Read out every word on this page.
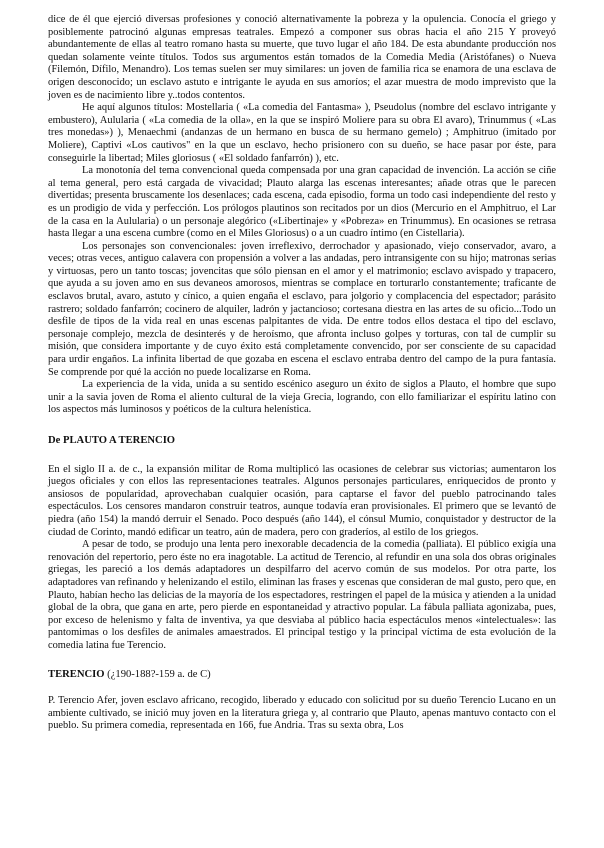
dice de él que ejerció diversas profesiones y conoció alternativamente la pobreza y la opulencia. Conocía el griego y posiblemente patrocinó algunas empresas teatrales. Empezó a componer sus obras hacia el año 215 Y proveyó abundantemente de ellas al teatro romano hasta su muerte, que tuvo lugar el año 184. De esta abundante producción nos quedan solamente veinte títulos. Todos sus argumentos están tomados de la Comedia Media (Aristófanes) o Nueva (Filemón, Dífilo, Menandro). Los temas suelen ser muy similares: un joven de familia rica se enamora de una esclava de origen desconocido; un esclavo astuto e intrigante le ayuda en sus amoríos; el azar muestra de modo imprevisto que la joven es de nacimiento libre y..todos contentos.

He aquí algunos títulos: Mostellaria ( «La comedia del Fantasma» ), Pseudolus (nombre del esclavo intrigante y embustero), Aulularia ( «La comedia de la olla», en la que se inspiró Moliere para su obra El avaro), Trinummus ( «Las tres monedas») ), Menaechmi (andanzas de un hermano en busca de su hermano gemelo) ; Amphitruo (imitado por Moliere), Captivi «Los cautivos" en la que un esclavo, hecho prisionero con su dueño, se hace pasar por éste, para conseguirle la libertad; Miles gloriosus ( «El soldado fanfarrón) ), etc.

La monotonía del tema convencional queda compensada por una gran capacidad de invención. La acción se ciñe al tema general, pero está cargada de vivacidad; Plauto alarga las escenas interesantes; añade otras que le parecen divertidas; presenta bruscamente los desenlaces; cada escena, cada episodio, forma un todo casi independiente del resto y es un prodigio de vida y perfección. Los prólogos plautinos son recitados por un dios (Mercurio en el Amphitruo, el Lar de la casa en la Aulularia) o un personaje alegórico («Libertinaje» y «Pobreza» en Trinummus). En ocasiones se retrasa hasta llegar a una escena cumbre (como en el Miles Gloriosus) o a un cuadro íntimo (en Cistellaria).

Los personajes son convencionales: joven irreflexivo, derrochador y apasionado, viejo conservador, avaro, a veces; otras veces, antiguo calavera con propensión a volver a las andadas, pero intransigente con su hijo; matronas serias y virtuosas, pero un tanto toscas; jovencitas que sólo piensan en el amor y el matrimonio; esclavo avispado y trapacero, que ayuda a su joven amo en sus devaneos amorosos, mientras se complace en torturarlo constantemente; traficante de esclavos brutal, avaro, astuto y cínico, a quien engaña el esclavo, para jolgorio y complacencia del espectador; parásito rastrero; soldado fanfarrón; cocinero de alquiler, ladrón y jactancioso; cortesana diestra en las artes de su oficio...Todo un desfile de tipos de la vida real en unas escenas palpitantes de vida. De entre todos ellos destaca el tipo del esclavo, personaje complejo, mezcla de desinterés y de heroísmo, que afronta incluso golpes y torturas, con tal de cumplir su misión, que considera importante y de cuyo éxito está completamente convencido, por ser consciente de su capacidad para urdir engaños. La infinita libertad de que gozaba en escena el esclavo entraba dentro del campo de la pura fantasía. Se comprende por qué la acción no puede localizarse en Roma.

La experiencia de la vida, unida a su sentido escénico aseguro un éxito de siglos a Plauto, el hombre que supo unir a la savia joven de Roma el aliento cultural de la vieja Grecia, logrando, con ello familiarizar el espíritu latino con los aspectos más luminosos y poéticos de la cultura helenística.

De PLAUTO A TERENCIO

En el siglo II a. de c., la expansión militar de Roma multiplicó las ocasiones de celebrar sus victorias; aumentaron los juegos oficiales y con ellos las representaciones teatrales. Algunos personajes particulares, enriquecidos de pronto y ansiosos de popularidad, aprovechaban cualquier ocasión, para captarse el favor del pueblo patrocinando tales espectáculos. Los censores mandaron construir teatros, aunque todavía eran provisionales. El primero que se levantó de piedra (año 154) la mandó derruir el Senado. Poco después (año 144), el cónsul Mumio, conquistador y destructor de la ciudad de Corinto, mandó edificar un teatro, aún de madera, pero con graderíos, al estilo de los griegos.

A pesar de todo, se produjo una lenta pero inexorable decadencia de la comedia (palliata). El público exigía una renovación del repertorio, pero éste no era inagotable. La actitud de Terencio, al refundir en una sola dos obras originales griegas, les pareció a los demás adaptadores un despilfarro del acervo común de sus modelos. Por otra parte, los adaptadores van refinando y helenizando el estilo, eliminan las frases y escenas que consideran de mal gusto, pero que, en Plauto, habían hecho las delicias de la mayoría de los espectadores, restringen el papel de la música y atienden a la unidad global de la obra, que gana en arte, pero pierde en espontaneidad y atractivo popular. La fábula palliata agonizaba, pues, por exceso de helenismo y falta de inventiva, ya que desviaba al público hacia espectáculos menos «intelectuales»: las pantomimas o los desfiles de animales amaestrados. El principal testigo y la principal víctima de esta evolución de la comedia latina fue Terencio.

TERENCIO (¿190-188?-159 a. de C)

P. Terencio Afer, joven esclavo africano, recogido, liberado y educado con solicitud por su dueño Terencio Lucano en un ambiente cultivado, se inició muy joven en la literatura griega y, al contrario que Plauto, apenas mantuvo contacto con el pueblo. Su primera comedia, representada en 166, fue Andria. Tras su sexta obra, Los
